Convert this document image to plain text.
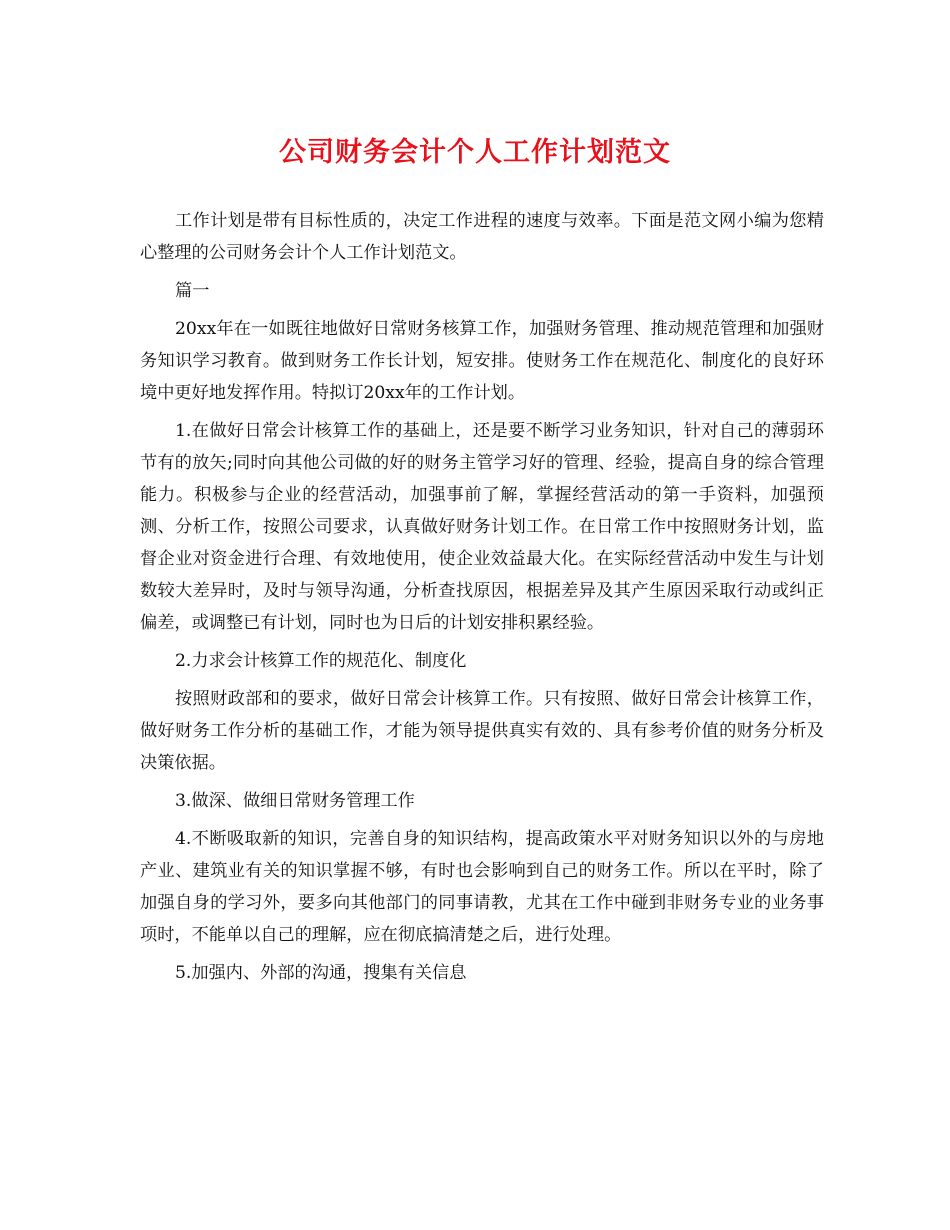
公司财务会计个人工作计划范文

工作计划是带有目标性质的，决定工作进程的速度与效率。下面是范文网小编为您精心整理的公司财务会计个人工作计划范文。

篇一

20xx年在一如既往地做好日常财务核算工作，加强财务管理、推动规范管理和加强财务知识学习教育。做到财务工作长计划，短安排。使财务工作在规范化、制度化的良好环境中更好地发挥作用。特拟订20xx年的工作计划。

1.在做好日常会计核算工作的基础上，还是要不断学习业务知识，针对自己的薄弱环节有的放矢;同时向其他公司做的好的财务主管学习好的管理、经验，提高自身的综合管理能力。积极参与企业的经营活动，加强事前了解，掌握经营活动的第一手资料，加强预测、分析工作，按照公司要求，认真做好财务计划工作。在日常工作中按照财务计划，监督企业对资金进行合理、有效地使用，使企业效益最大化。在实际经营活动中发生与计划数较大差异时，及时与领导沟通，分析查找原因，根据差异及其产生原因采取行动或纠正偏差，或调整已有计划，同时也为日后的计划安排积累经验。

2.力求会计核算工作的规范化、制度化

按照财政部和的要求，做好日常会计核算工作。只有按照、做好日常会计核算工作，做好财务工作分析的基础工作，才能为领导提供真实有效的、具有参考价值的财务分析及决策依据。

3.做深、做细日常财务管理工作

4.不断吸取新的知识，完善自身的知识结构，提高政策水平对财务知识以外的与房地产业、建筑业有关的知识掌握不够，有时也会影响到自己的财务工作。所以在平时，除了加强自身的学习外，要多向其他部门的同事请教，尤其在工作中碰到非财务专业的业务事项时，不能单以自己的理解，应在彻底搞清楚之后，进行处理。

5.加强内、外部的沟通，搜集有关信息
